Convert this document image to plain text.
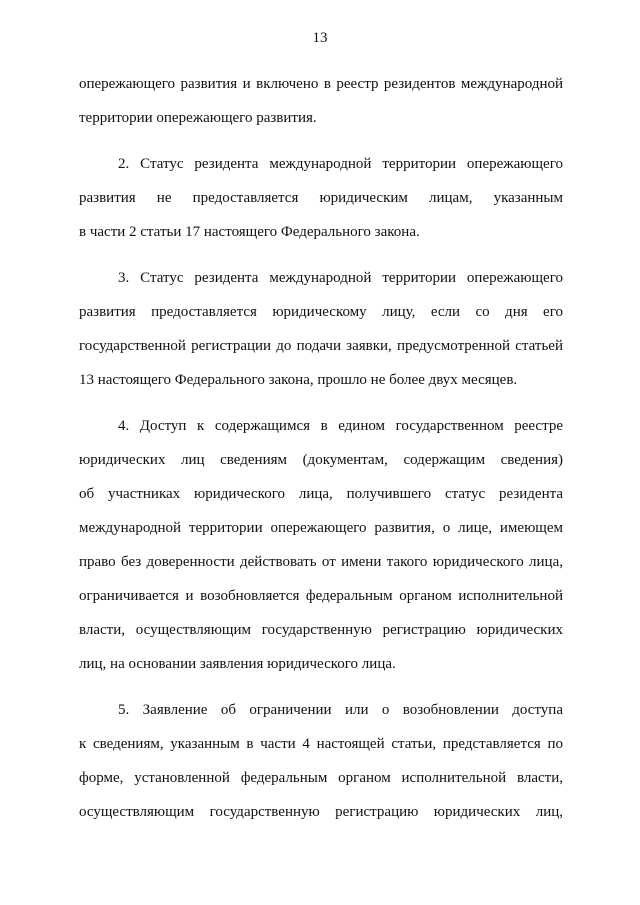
13

опережающего развития и включено в реестр резидентов международной
территории опережающего развития.

2. Статус резидента международной территории опережающего
развития не предоставляется юридическим лицам, указанным
в части 2 статьи 17 настоящего Федерального закона.

3. Статус резидента международной территории опережающего
развития предоставляется юридическому лицу, если со дня его
государственной регистрации до подачи заявки, предусмотренной статьей
13 настоящего Федерального закона, прошло не более двух месяцев.

4. Доступ к содержащимся в едином государственном реестре
юридических лиц сведениям (документам, содержащим сведения)
об участниках юридического лица, получившего статус резидента
международной территории опережающего развития, о лице, имеющем
право без доверенности действовать от имени такого юридического лица,
ограничивается и возобновляется федеральным органом исполнительной
власти, осуществляющим государственную регистрацию юридических
лиц, на основании заявления юридического лица.

5. Заявление об ограничении или о возобновлении доступа
к сведениям, указанным в части 4 настоящей статьи, представляется по
форме, установленной федеральным органом исполнительной власти,
осуществляющим государственную регистрацию юридических лиц,
